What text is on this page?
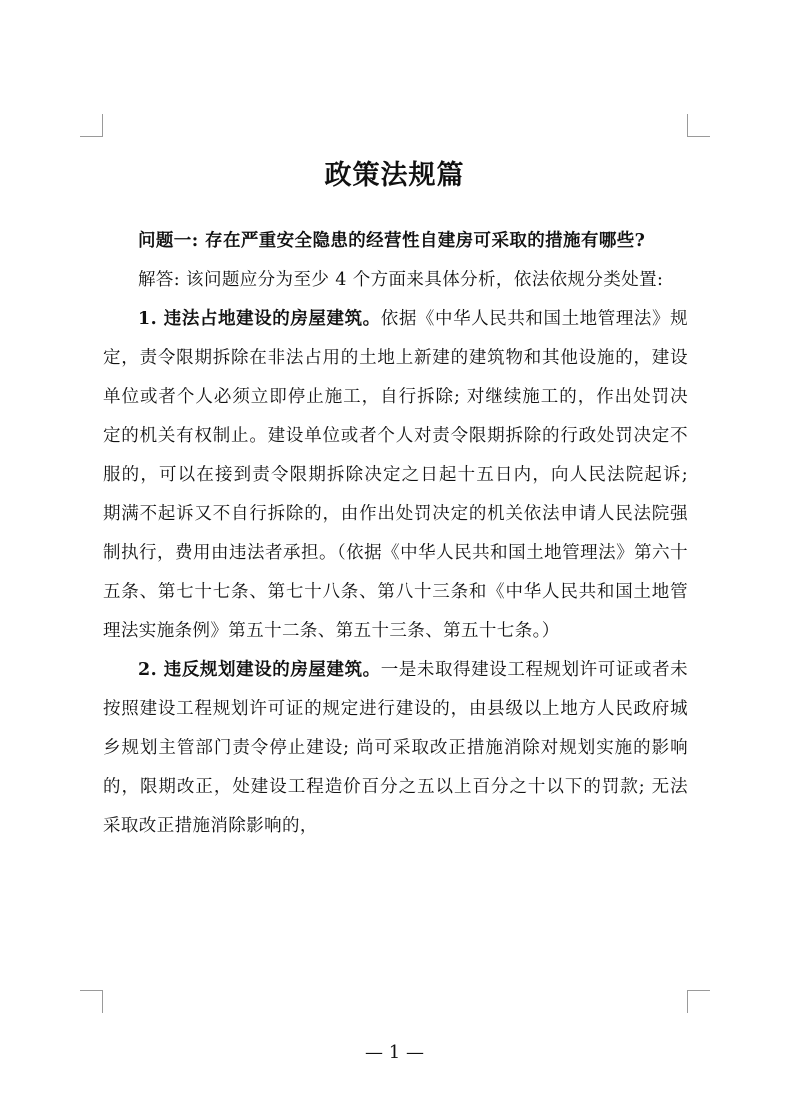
政策法规篇

问题一: 存在严重安全隐患的经营性自建房可采取的措施有哪些?

解答: 该问题应分为至少 4 个方面来具体分析，依法依规分类处置:

1. 违法占地建设的房屋建筑。依据《中华人民共和国土地管理法》规定，责令限期拆除在非法占用的土地上新建的建筑物和其他设施的，建设单位或者个人必须立即停止施工，自行拆除; 对继续施工的，作出处罚决定的机关有权制止。建设单位或者个人对责令限期拆除的行政处罚决定不服的，可以在接到责令限期拆除决定之日起十五日内，向人民法院起诉; 期满不起诉又不自行拆除的，由作出处罚决定的机关依法申请人民法院强制执行，费用由违法者承担。（依据《中华人民共和国土地管理法》第六十五条、第七十七条、第七十八条、第八十三条和《中华人民共和国土地管理法实施条例》第五十二条、第五十三条、第五十七条。）

2. 违反规划建设的房屋建筑。一是未取得建设工程规划许可证或者未按照建设工程规划许可证的规定进行建设的，由县级以上地方人民政府城乡规划主管部门责令停止建设; 尚可采取改正措施消除对规划实施的影响的，限期改正，处建设工程造价百分之五以上百分之十以下的罚款; 无法采取改正措施消除影响的，

— 1 —
